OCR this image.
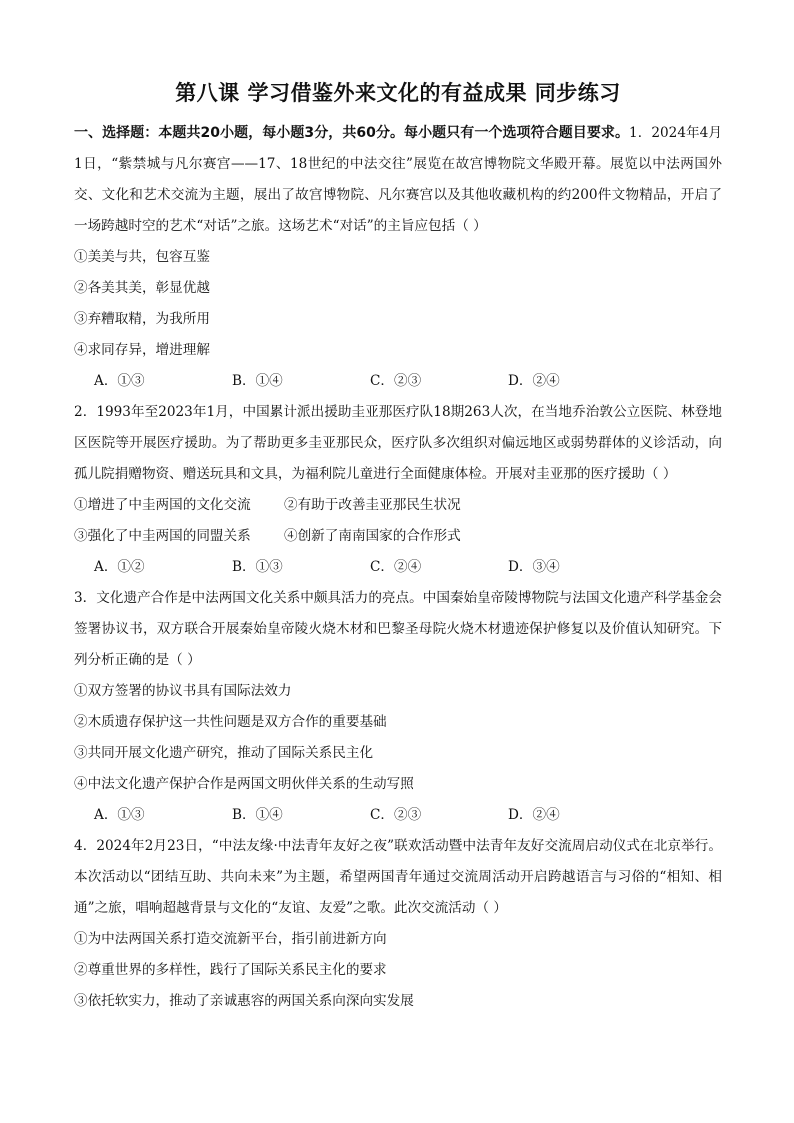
第八课 学习借鉴外来文化的有益成果 同步练习

一、选择题：本题共20小题，每小题3分，共60分。每小题只有一个选项符合题目要求。1．2024年4月1日，“紫禁城与凡尔赛宫——17、18世纪的中法交往”展览在故宫博物院文华殿开幕。展览以中法两国外交、文化和艺术交流为主题，展出了故宫博物院、凡尔赛宫以及其他收藏机构的约200件文物精品，开启了一场跨越时空的艺术“对话”之旅。这场艺术“对话”的主旨应包括（ ）

①美美与共，包容互鉴
②各美其美，彰显优越
③弃糟取精，为我所用
④求同存异，增进理解
A．①③	B．①④	C．②③	D．②④

2．1993年至2023年1月，中国累计派出援助圭亚那医疗队18期263人次，在当地乔治敦公立医院、林登地区医院等开展医疗援助。为了帮助更多圭亚那民众，医疗队多次组织对偏远地区或弱势群体的义诊活动，向孤儿院捐赠物资、赠送玩具和文具，为福利院儿童进行全面健康体检。开展对圭亚那的医疗援助（ ）

①增进了中圭两国的文化交流	②有助于改善圭亚那民生状况
③强化了中圭两国的同盟关系	④创新了南南国家的合作形式
A．①②	B．①③	C．②④	D．③④

3．文化遗产合作是中法两国文化关系中颇具活力的亮点。中国秦始皇帝陵博物院与法国文化遗产科学基金会签署协议书，双方联合开展秦始皇帝陵火烧木材和巴黎圣母院火烧木材遗迹保护修复以及价值认知研究。下列分析正确的是（ ）

①双方签署的协议书具有国际法效力
②木质遗存保护这一共性问题是双方合作的重要基础
③共同开展文化遗产研究，推动了国际关系民主化
④中法文化遗产保护合作是两国文明伙伴关系的生动写照
A．①③	B．①④	C．②③	D．②④

4．2024年2月23日，“中法友缘·中法青年友好之夜”联欢活动暨中法青年友好交流周启动仪式在北京举行。本次活动以“团结互助、共向未来”为主题，希望两国青年通过交流周活动开启跨越语言与习俗的“相知、相通”之旅，唱响超越背景与文化的“友谊、友爱”之歌。此次交流活动（ ）

①为中法两国关系打造交流新平台，指引前进新方向
②尊重世界的多样性，践行了国际关系民主化的要求
③依托软实力，推动了亲诚惠容的两国关系向深向实发展
